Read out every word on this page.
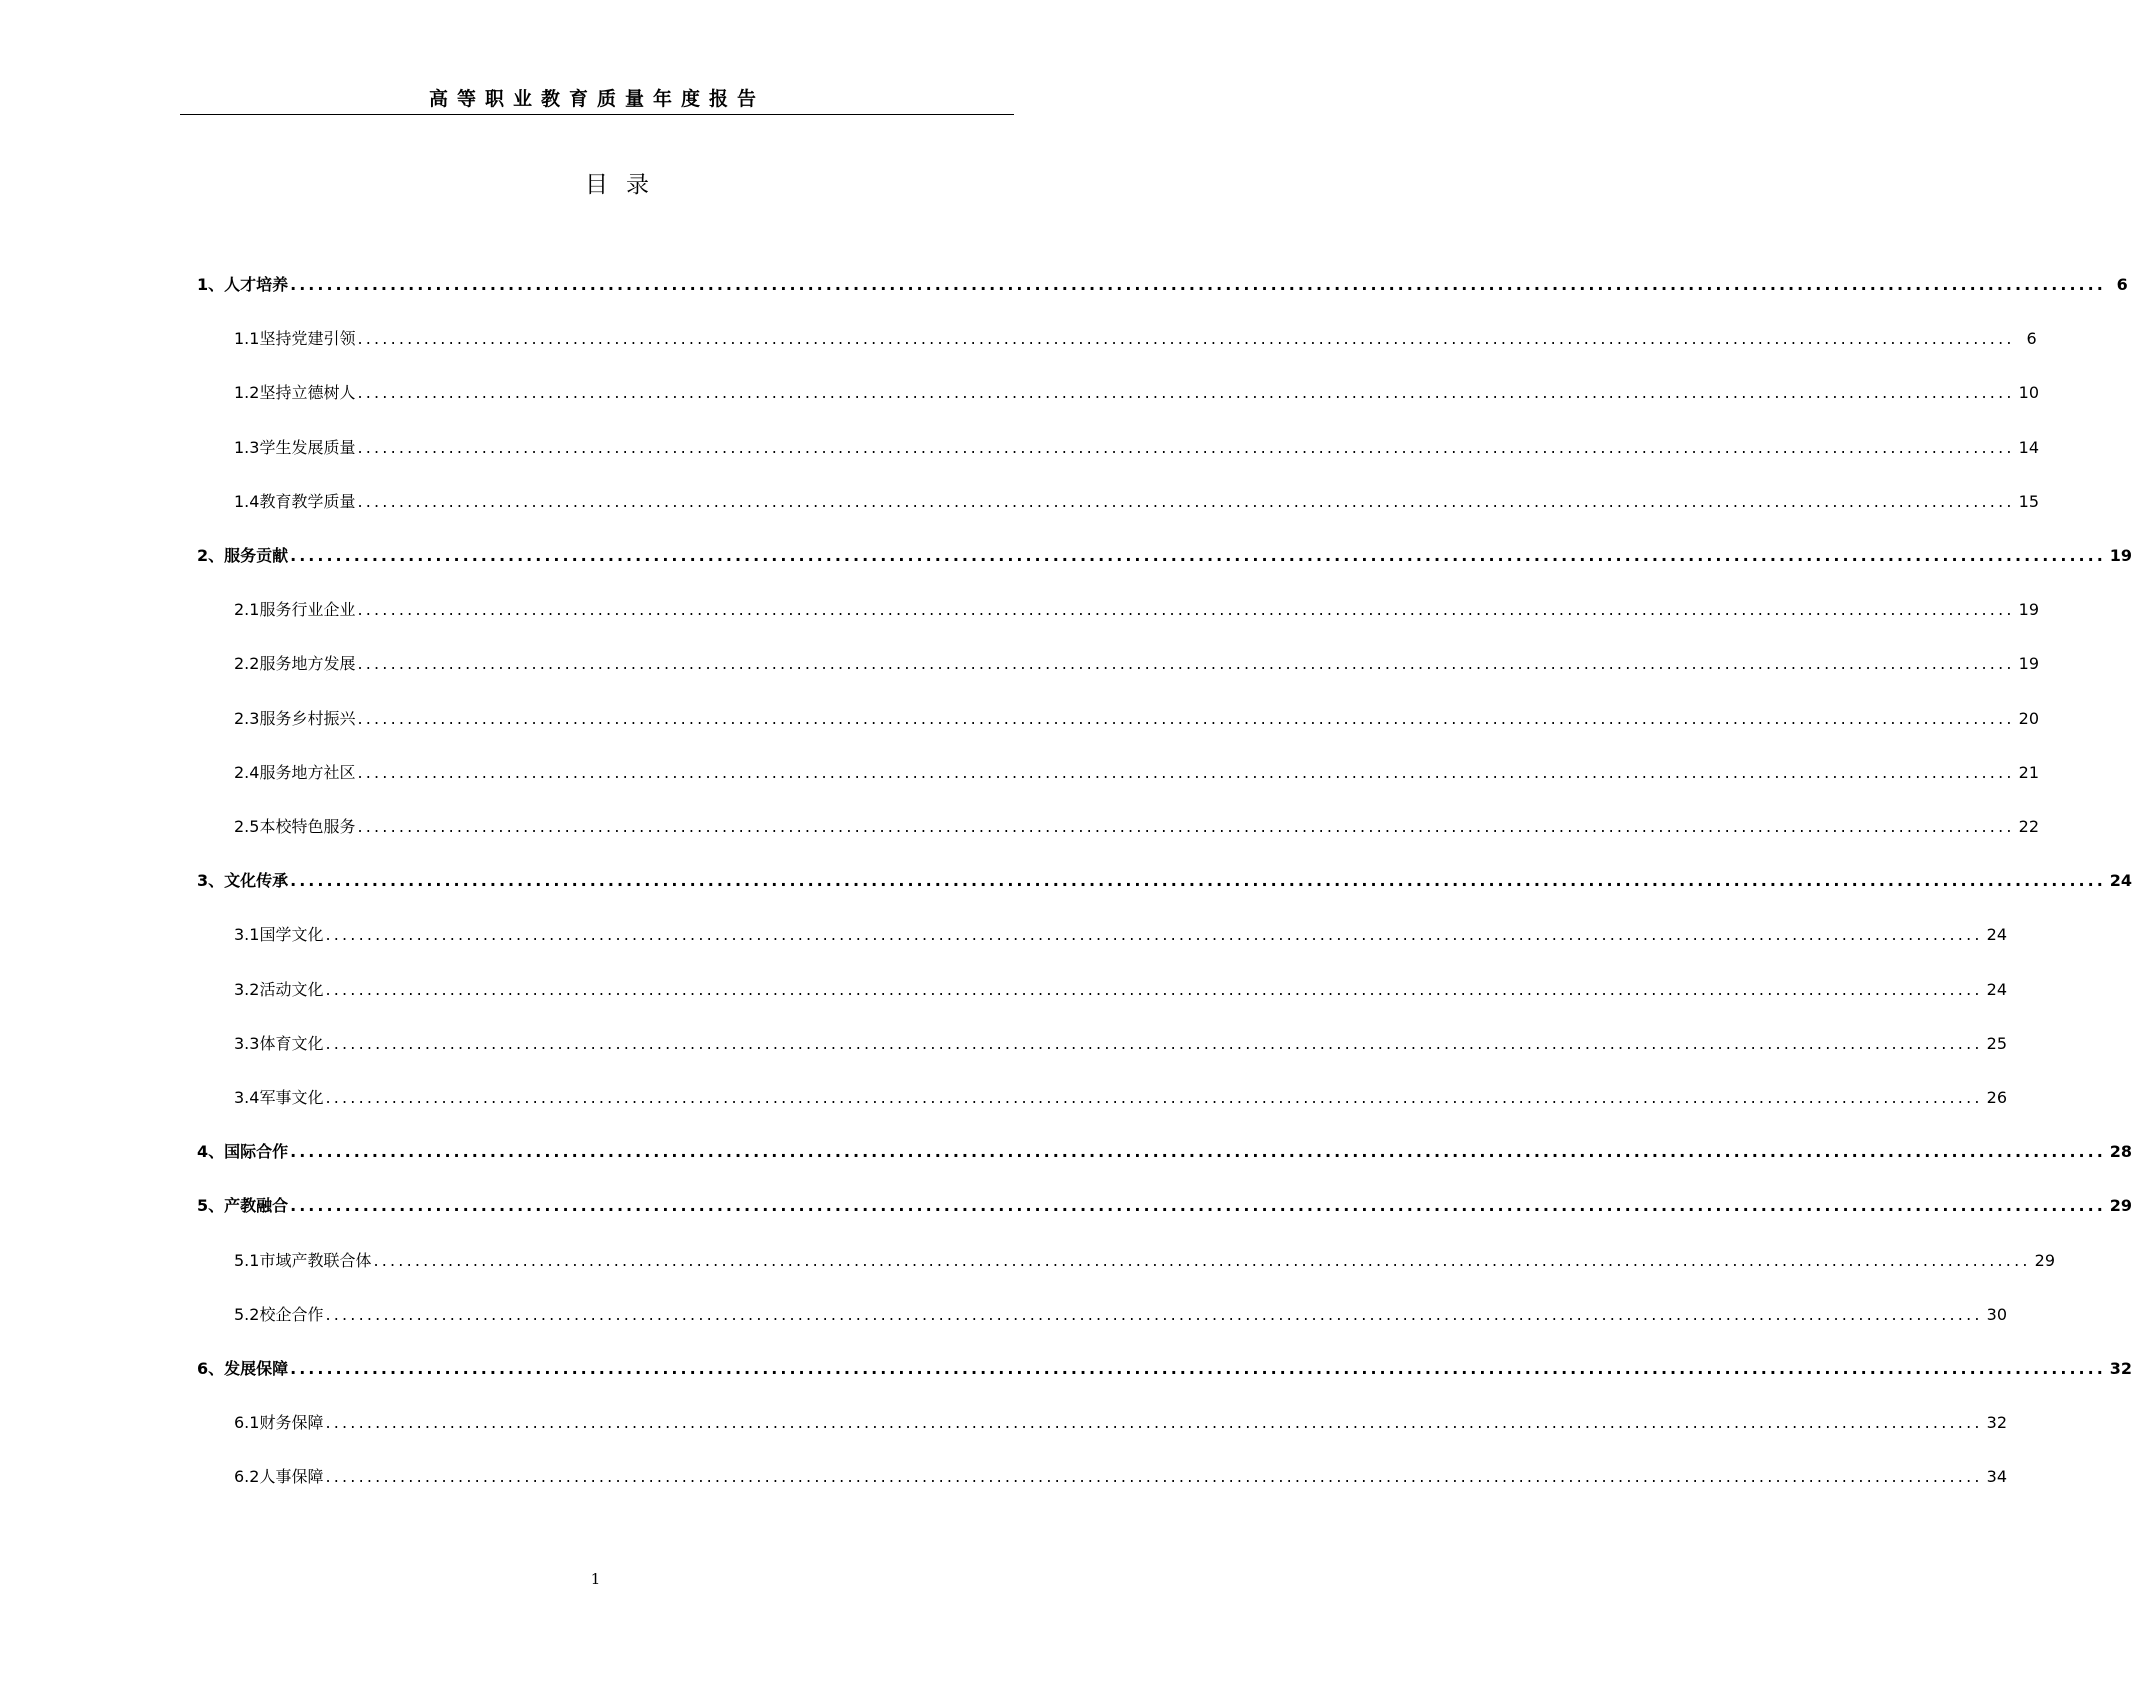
高等职业教育质量年度报告
目录
1、人才培养 ........................................................................................................................................................................................................ 6
1.1坚持党建引领 ........................................................................................................................................................................................................ 6
1.2坚持立德树人 ........................................................................................................................................................................................................ 10
1.3学生发展质量 ........................................................................................................................................................................................................ 14
1.4教育教学质量 ........................................................................................................................................................................................................ 15
2、服务贡献 ........................................................................................................................................................................................................ 19
2.1服务行业企业 ........................................................................................................................................................................................................ 19
2.2服务地方发展 ........................................................................................................................................................................................................ 19
2.3服务乡村振兴 ........................................................................................................................................................................................................ 20
2.4服务地方社区 ........................................................................................................................................................................................................ 21
2.5本校特色服务 ........................................................................................................................................................................................................ 22
3、文化传承 ........................................................................................................................................................................................................ 24
3.1国学文化 ........................................................................................................................................................................................................ 24
3.2活动文化 ........................................................................................................................................................................................................ 24
3.3体育文化 ........................................................................................................................................................................................................ 25
3.4军事文化 ........................................................................................................................................................................................................ 26
4、国际合作 ........................................................................................................................................................................................................ 28
5、产教融合 ........................................................................................................................................................................................................ 29
5.1市域产教联合体 ........................................................................................................................................................................................................ 29
5.2校企合作 ........................................................................................................................................................................................................ 30
6、发展保障 ........................................................................................................................................................................................................ 32
6.1财务保障 ........................................................................................................................................................................................................ 32
6.2人事保障 ........................................................................................................................................................................................................ 34
1
